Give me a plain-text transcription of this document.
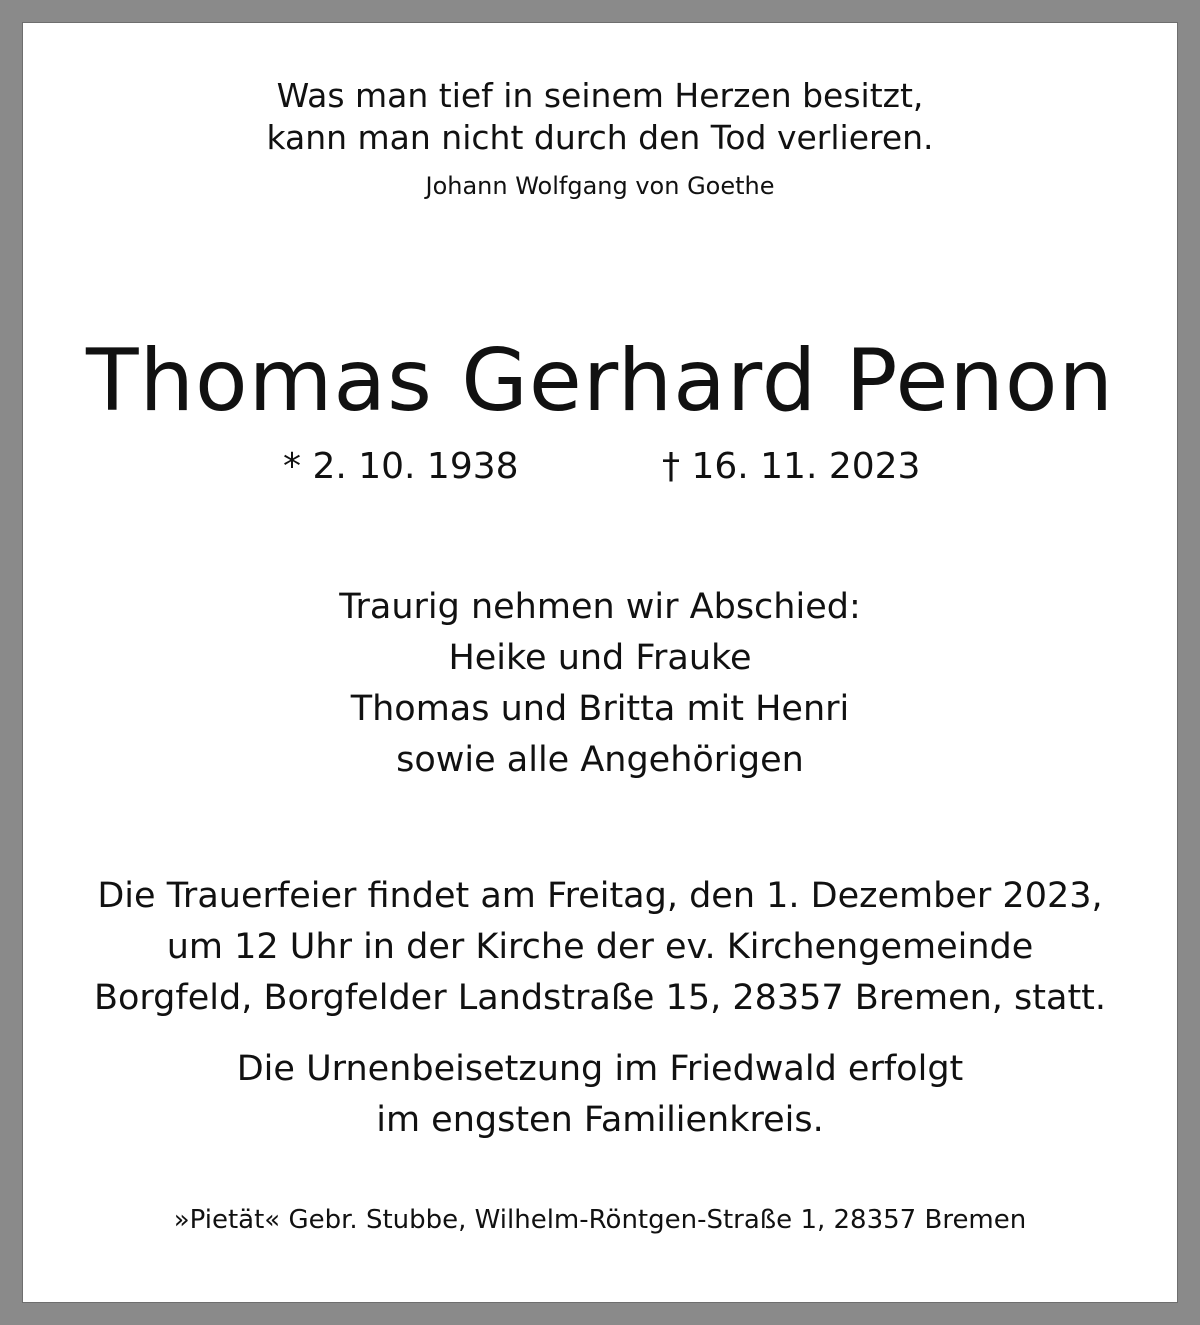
Was man tief in seinem Herzen besitzt,
kann man nicht durch den Tod verlieren.
Johann Wolfgang von Goethe
Thomas Gerhard Penon
* 2. 10. 1938	† 16. 11. 2023
Traurig nehmen wir Abschied:
Heike und Frauke
Thomas und Britta mit Henri
sowie alle Angehörigen
Die Trauerfeier findet am Freitag, den 1. Dezember 2023,
um 12 Uhr in der Kirche der ev. Kirchengemeinde
Borgfeld, Borgfelder Landstraße 15, 28357 Bremen, statt.
Die Urnenbeisetzung im Friedwald erfolgt
im engsten Familienkreis.
»Pietät« Gebr. Stubbe, Wilhelm-Röntgen-Straße 1, 28357 Bremen
